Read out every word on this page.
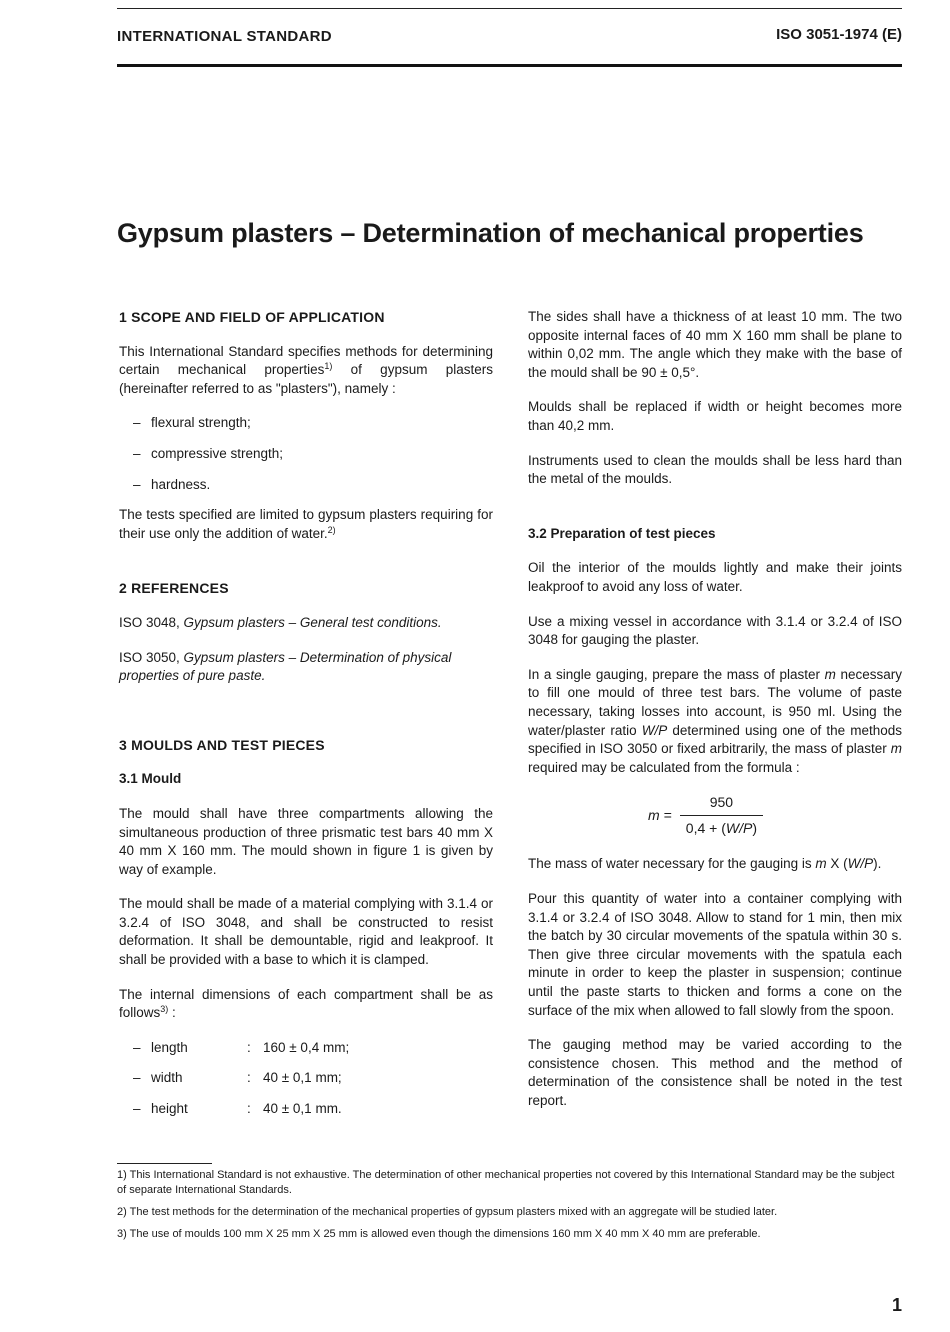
INTERNATIONAL STANDARD	ISO 3051-1974 (E)
Gypsum plasters – Determination of mechanical properties
1 SCOPE AND FIELD OF APPLICATION

This International Standard specifies methods for determining certain mechanical properties$^{1)}$ of gypsum plasters (hereinafter referred to as "plasters"), namely :

– flexural strength;
– compressive strength;
– hardness.

The tests specified are limited to gypsum plasters requiring for their use only the addition of water.$^{2)}$

2 REFERENCES

ISO 3048, Gypsum plasters – General test conditions.

ISO 3050, Gypsum plasters – Determination of physical properties of pure paste.

3 MOULDS AND TEST PIECES
3.1 Mould

The mould shall have three compartments allowing the simultaneous production of three prismatic test bars 40 mm X 40 mm X 160 mm. The mould shown in figure 1 is given by way of example.

The mould shall be made of a material complying with 3.1.4 or 3.2.4 of ISO 3048, and shall be constructed to resist deformation. It shall be demountable, rigid and leakproof. It shall be provided with a base to which it is clamped.

The internal dimensions of each compartment shall be as follows$^{3)}$ :

– length	: 160 ± 0,4 mm;
– width	: 40 ± 0,1 mm;
– height	: 40 ± 0,1 mm.

The sides shall have a thickness of at least 10 mm. The two opposite internal faces of 40 mm X 160 mm shall be plane to within 0,02 mm. The angle which they make with the base of the mould shall be 90 ± 0,5°.

Moulds shall be replaced if width or height becomes more than 40,2 mm.

Instruments used to clean the moulds shall be less hard than the metal of the moulds.

3.2 Preparation of test pieces

Oil the interior of the moulds lightly and make their joints leakproof to avoid any loss of water.

Use a mixing vessel in accordance with 3.1.4 or 3.2.4 of ISO 3048 for gauging the plaster.

In a single gauging, prepare the mass of plaster m necessary to fill one mould of three test bars. The volume of paste necessary, taking losses into account, is 950 ml. Using the water/plaster ratio W/P determined using one of the methods specified in ISO 3050 or fixed arbitrarily, the mass of plaster m required may be calculated from the formula :

$m = \frac{950}{0,4 + (W/P)}$

The mass of water necessary for the gauging is m X (W/P).

Pour this quantity of water into a container complying with 3.1.4 or 3.2.4 of ISO 3048. Allow to stand for 1 min, then mix the batch by 30 circular movements of the spatula within 30 s. Then give three circular movements with the spatula each minute in order to keep the plaster in suspension; continue until the paste starts to thicken and forms a cone on the surface of the mix when allowed to fall slowly from the spoon.

The gauging method may be varied according to the consistence chosen. This method and the method of determination of the consistence shall be noted in the test report.

1) This International Standard is not exhaustive. The determination of other mechanical properties not covered by this International Standard may be the subject of separate International Standards.

2) The test methods for the determination of the mechanical properties of gypsum plasters mixed with an aggregate will be studied later.

3) The use of moulds 100 mm X 25 mm X 25 mm is allowed even though the dimensions 160 mm X 40 mm X 40 mm are preferable.

1
